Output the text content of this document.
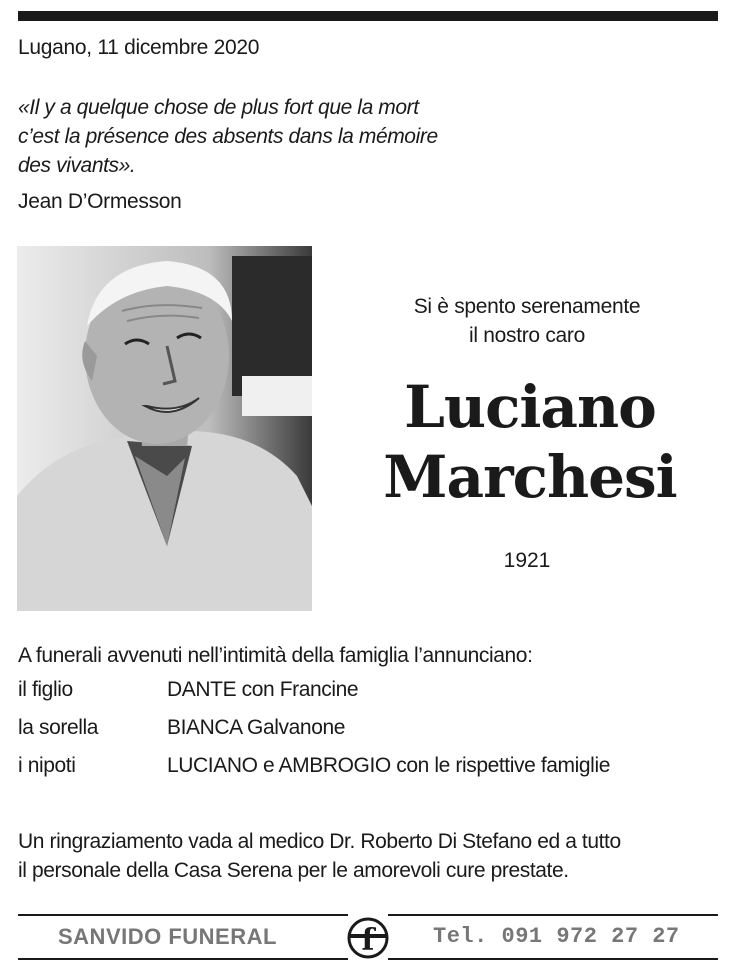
Lugano, 11 dicembre 2020
«Il y a quelque chose de plus fort que la mort
c’est la présence des absents dans la mémoire
des vivants».
Jean D’Ormesson
Si è spento serenamente
il nostro caro
Luciano
Marchesi
1921
A funerali avvenuti nell’intimità della famiglia l’annunciano:
il figlio	DANTE con Francine
la sorella	BIANCA Galvanone
i nipoti	LUCIANO e AMBROGIO con le rispettive famiglie
Un ringraziamento vada al medico Dr. Roberto Di Stefano ed a tutto
il personale della Casa Serena per le amorevoli cure prestate.
SANVIDO FUNERAL	f	Tel. 091 972 27 27
